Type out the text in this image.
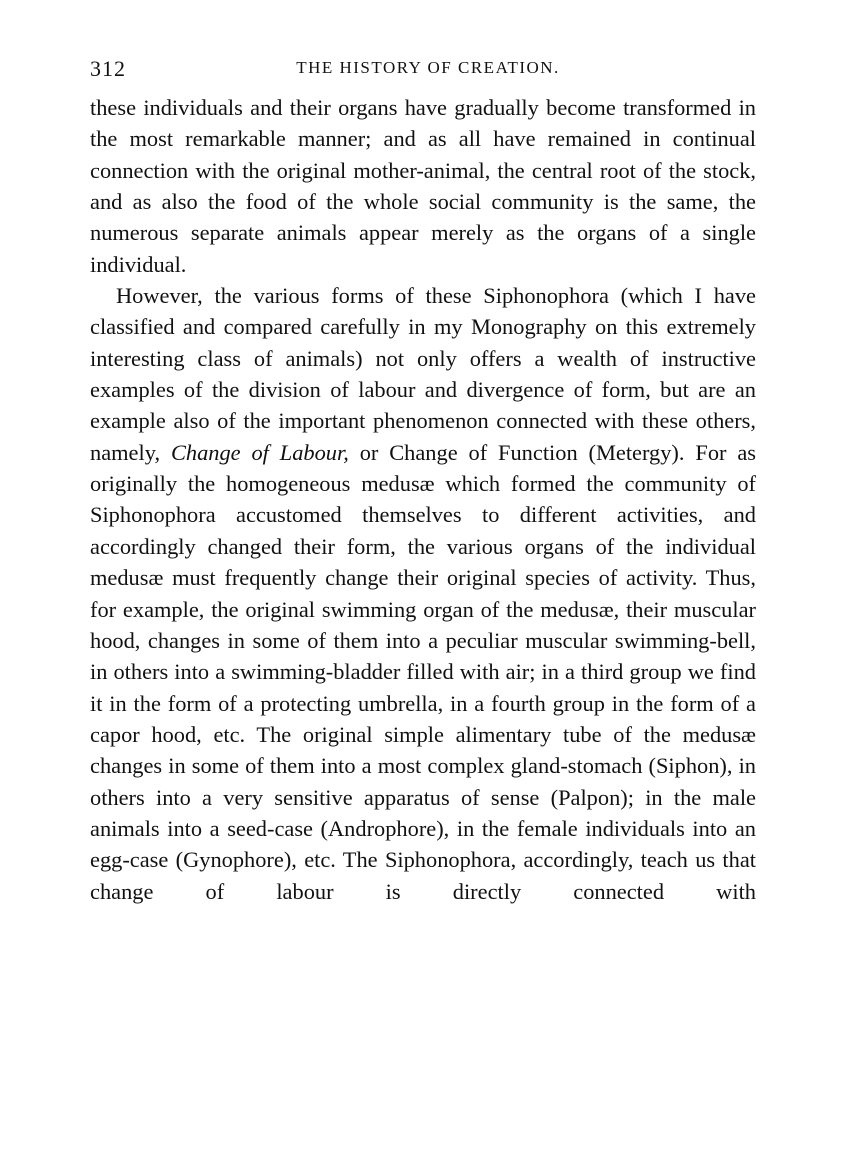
312	THE HISTORY OF CREATION.

these individuals and their organs have gradually become transformed in the most remarkable manner; and as all have remained in continual connection with the original mother-animal, the central root of the stock, and as also the food of the whole social community is the same, the numerous separate animals appear merely as the organs of a single individual.

However, the various forms of these Siphonophora (which I have classified and compared carefully in my Monography on this extremely interesting class of animals) not only offers a wealth of instructive examples of the division of labour and divergence of form, but are an example also of the important phenomenon connected with these others, namely, Change of Labour, or Change of Function (Metergy). For as originally the homogeneous medusæ which formed the community of Siphonophora accustomed themselves to different activities, and accordingly changed their form, the various organs of the individual medusæ must frequently change their original species of activity. Thus, for example, the original swimming organ of the medusæ, their muscular hood, changes in some of them into a peculiar muscular swimming-bell, in others into a swimming-bladder filled with air; in a third group we find it in the form of a protecting umbrella, in a fourth group in the form of a capor hood, etc. The original simple alimentary tube of the medusæ changes in some of them into a most complex gland-stomach (Siphon), in others into a very sensitive apparatus of sense (Palpon); in the male animals into a seed-case (Androphore), in the female individuals into an egg-case (Gynophore), etc. The Siphonophora, accordingly, teach us that change of labour is directly connected with
